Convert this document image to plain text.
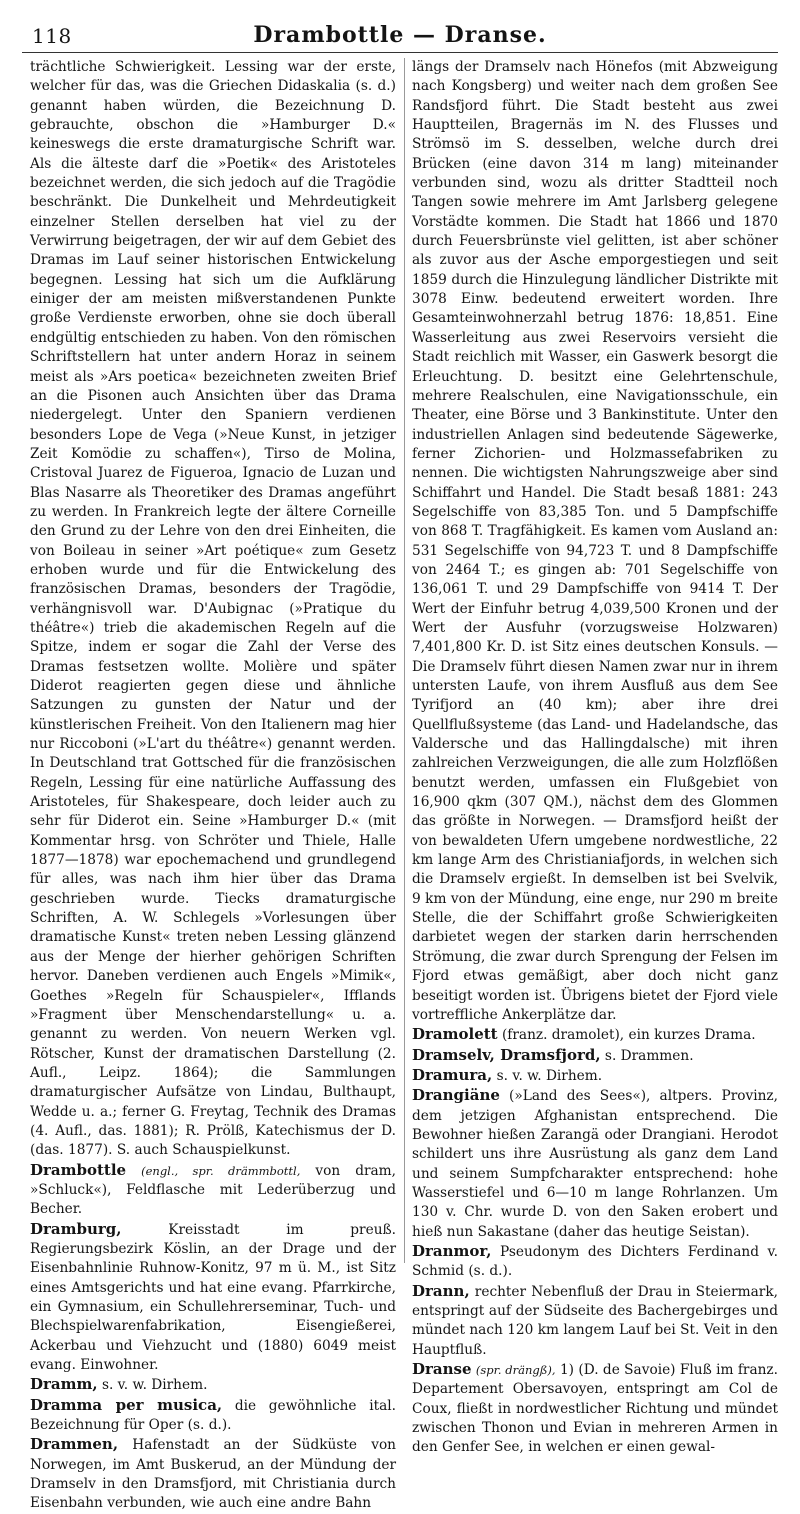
118	Drambottle — Dranse.

trächtliche Schwierigkeit. Lessing war der erste, welcher für das, was die Griechen Didaskalia (s. d.) genannt haben würden, die Bezeichnung D. gebrauchte, obschon die »Hamburger D.« keineswegs die erste dramaturgische Schrift war. Als die älteste darf die »Poetik« des Aristoteles bezeichnet werden, die sich jedoch auf die Tragödie beschränkt. Die Dunkelheit und Mehrdeutigkeit einzelner Stellen derselben hat viel zu der Verwirrung beigetragen, der wir auf dem Gebiet des Dramas im Lauf seiner historischen Entwickelung begegnen. Lessing hat sich um die Aufklärung einiger der am meisten mißverstandenen Punkte große Verdienste erworben, ohne sie doch überall endgültig entschieden zu haben. Von den römischen Schriftstellern hat unter andern Horaz in seinem meist als »Ars poetica« bezeichneten zweiten Brief an die Pisonen auch Ansichten über das Drama niedergelegt. Unter den Spaniern verdienen besonders Lope de Vega (»Neue Kunst, in jetziger Zeit Komödie zu schaffen«), Tirso de Molina, Cristoval Juarez de Figueroa, Ignacio de Luzan und Blas Nasarre als Theoretiker des Dramas angeführt zu werden. In Frankreich legte der ältere Corneille den Grund zu der Lehre von den drei Einheiten, die von Boileau in seiner »Art poétique« zum Gesetz erhoben wurde und für die Entwickelung des französischen Dramas, besonders der Tragödie, verhängnisvoll war. D'Aubignac (»Pratique du théâtre«) trieb die akademischen Regeln auf die Spitze, indem er sogar die Zahl der Verse des Dramas festsetzen wollte. Molière und später Diderot reagierten gegen diese und ähnliche Satzungen zu gunsten der Natur und der künstlerischen Freiheit. Von den Italienern mag hier nur Riccoboni (»L'art du théâtre«) genannt werden. In Deutschland trat Gottsched für die französischen Regeln, Lessing für eine natürliche Auffassung des Aristoteles, für Shakespeare, doch leider auch zu sehr für Diderot ein. Seine »Hamburger D.« (mit Kommentar hrsg. von Schröter und Thiele, Halle 1877—1878) war epochemachend und grundlegend für alles, was nach ihm hier über das Drama geschrieben wurde. Tiecks dramaturgische Schriften, A. W. Schlegels »Vorlesungen über dramatische Kunst« treten neben Lessing glänzend aus der Menge der hierher gehörigen Schriften hervor. Daneben verdienen auch Engels »Mimik«, Goethes »Regeln für Schauspieler«, Ifflands »Fragment über Menschendarstellung« u. a. genannt zu werden. Von neuern Werken vgl. Rötscher, Kunst der dramatischen Darstellung (2. Aufl., Leipz. 1864); die Sammlungen dramaturgischer Aufsätze von Lindau, Bulthaupt, Wedde u. a.; ferner G. Freytag, Technik des Dramas (4. Aufl., das. 1881); R. Prölß, Katechismus der D. (das. 1877). S. auch Schauspielkunst.

Drambottle (engl., spr. drämmbottl, von dram, »Schluck«), Feldflasche mit Lederüberzug und Becher.

Dramburg, Kreisstadt im preuß. Regierungsbezirk Köslin, an der Drage und der Eisenbahnlinie Ruhnow-Konitz, 97 m ü. M., ist Sitz eines Amtsgerichts und hat eine evang. Pfarrkirche, ein Gymnasium, ein Schullehrerseminar, Tuch- und Blechspielwarenfabrikation, Eisengießerei, Ackerbau und Viehzucht und (1880) 6049 meist evang. Einwohner.

Dramm, s. v. w. Dirhem.

Dramma per musica, die gewöhnliche ital. Bezeichnung für Oper (s. d.).

Drammen, Hafenstadt an der Südküste von Norwegen, im Amt Buskerud, an der Mündung der Dramselv in den Dramsfjord, mit Christiania durch Eisenbahn verbunden, wie auch eine andre Bahn

längs der Dramselv nach Hönefos (mit Abzweigung nach Kongsberg) und weiter nach dem großen See Randsfjord führt. Die Stadt besteht aus zwei Hauptteilen, Bragernäs im N. des Flusses und Strömsö im S. desselben, welche durch drei Brücken (eine davon 314 m lang) miteinander verbunden sind, wozu als dritter Stadtteil noch Tangen sowie mehrere im Amt Jarlsberg gelegene Vorstädte kommen. Die Stadt hat 1866 und 1870 durch Feuersbrünste viel gelitten, ist aber schöner als zuvor aus der Asche emporgestiegen und seit 1859 durch die Hinzulegung ländlicher Distrikte mit 3078 Einw. bedeutend erweitert worden. Ihre Gesamteinwohnerzahl betrug 1876: 18,851. Eine Wasserleitung aus zwei Reservoirs versieht die Stadt reichlich mit Wasser, ein Gaswerk besorgt die Erleuchtung. D. besitzt eine Gelehrtenschule, mehrere Realschulen, eine Navigationsschule, ein Theater, eine Börse und 3 Bankinstitute. Unter den industriellen Anlagen sind bedeutende Sägewerke, ferner Zichorien- und Holzmassefabriken zu nennen. Die wichtigsten Nahrungszweige aber sind Schiffahrt und Handel. Die Stadt besaß 1881: 243 Segelschiffe von 83,385 Ton. und 5 Dampfschiffe von 868 T. Tragfähigkeit. Es kamen vom Ausland an: 531 Segelschiffe von 94,723 T. und 8 Dampfschiffe von 2464 T.; es gingen ab: 701 Segelschiffe von 136,061 T. und 29 Dampfschiffe von 9414 T. Der Wert der Einfuhr betrug 4,039,500 Kronen und der Wert der Ausfuhr (vorzugsweise Holzwaren) 7,401,800 Kr. D. ist Sitz eines deutschen Konsuls. — Die Dramselv führt diesen Namen zwar nur in ihrem untersten Laufe, von ihrem Ausfluß aus dem See Tyrifjord an (40 km); aber ihre drei Quellflußsysteme (das Land- und Hadelandsche, das Valdersche und das Hallingdalsche) mit ihren zahlreichen Verzweigungen, die alle zum Holzflößen benutzt werden, umfassen ein Flußgebiet von 16,900 qkm (307 QM.), nächst dem des Glommen das größte in Norwegen. — Dramsfjord heißt der von bewaldeten Ufern umgebene nordwestliche, 22 km lange Arm des Christianiafjords, in welchen sich die Dramselv ergießt. In demselben ist bei Svelvik, 9 km von der Mündung, eine enge, nur 290 m breite Stelle, die der Schiffahrt große Schwierigkeiten darbietet wegen der starken darin herrschenden Strömung, die zwar durch Sprengung der Felsen im Fjord etwas gemäßigt, aber doch nicht ganz beseitigt worden ist. Übrigens bietet der Fjord viele vortreffliche Ankerplätze dar.

Dramolett (franz. dramolet), ein kurzes Drama.

Dramselv, Dramsfjord, s. Drammen.

Dramura, s. v. w. Dirhem.

Drangiäne (»Land des Sees«), altpers. Provinz, dem jetzigen Afghanistan entsprechend. Die Bewohner hießen Zarangä oder Drangiani. Herodot schildert uns ihre Ausrüstung als ganz dem Land und seinem Sumpfcharakter entsprechend: hohe Wasserstiefel und 6—10 m lange Rohrlanzen. Um 130 v. Chr. wurde D. von den Saken erobert und hieß nun Sakastane (daher das heutige Seistan).

Dranmor, Pseudonym des Dichters Ferdinand v. Schmid (s. d.).

Drann, rechter Nebenfluß der Drau in Steiermark, entspringt auf der Südseite des Bachergebirges und mündet nach 120 km langem Lauf bei St. Veit in den Hauptfluß.

Dranse (spr. drängß), 1) (D. de Savoie) Fluß im franz. Departement Obersavoyen, entspringt am Col de Coux, fließt in nordwestlicher Richtung und mündet zwischen Thonon und Evian in mehreren Armen in den Genfer See, in welchen er einen gewal-
